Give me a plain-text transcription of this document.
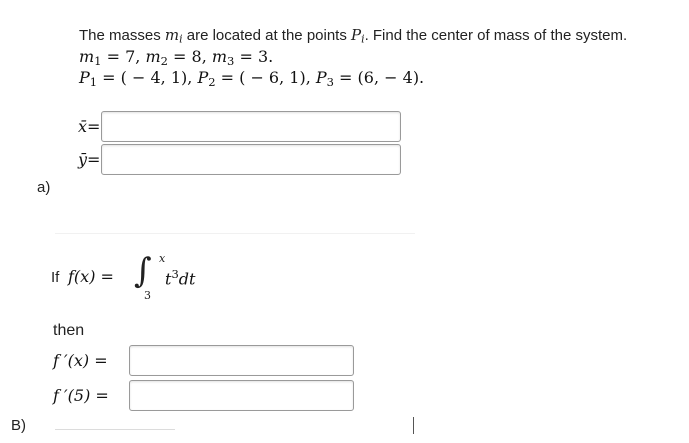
a)
The masses $m_i$ are located at the points $P_i$. Find the center of mass of the system.
$m_1 = 7$, $m_2 = 8$, $m_3 = 3$.
$P_1$ = ( − 4, 1), $P_2$ = ( − 6, 1), $P_3 = (6$, − 4).
x̄=
ȳ=
If f(x) = ∫ x
3
$t^3dt$
then
f ′(x) =
f ′(5) =
B)
